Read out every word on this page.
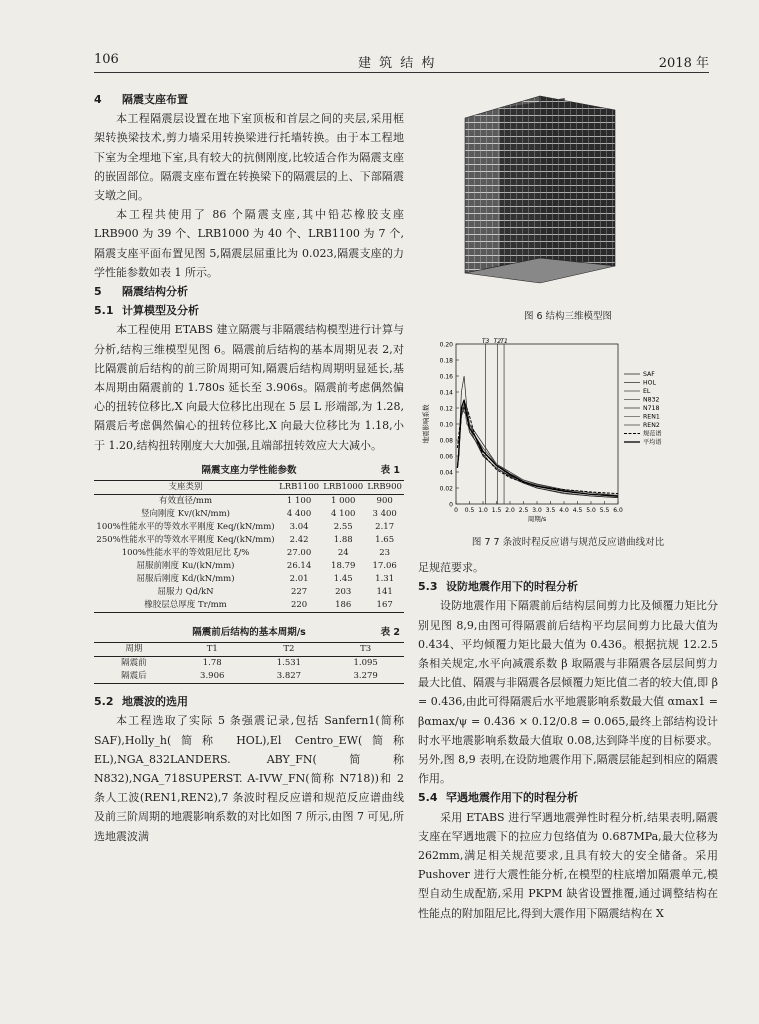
106	建 筑 结 构	2018 年
4 隔震支座布置

本工程隔震层设置在地下室顶板和首层之间的夹层,采用框架转换梁技术,剪力墙采用转换梁进行托墙转换。由于本工程地下室为全埋地下室,具有较大的抗侧刚度,比较适合作为隔震支座的嵌固部位。隔震支座布置在转换梁下的隔震层的上、下部隔震支墩之间。

本工程共使用了 86 个隔震支座,其中铅芯橡胶支座 LRB900 为 39 个、LRB1000 为 40 个、LRB1100 为 7 个,隔震支座平面布置见图 5,隔震层屈重比为 0.023,隔震支座的力学性能参数如表 1 所示。

5 隔震结构分析
5.1 计算模型及分析

本工程使用 ETABS 建立隔震与非隔震结构模型进行计算与分析,结构三维模型见图 6。隔震前后结构的基本周期见表 2,对比隔震前后结构的前三阶周期可知,隔震后结构周期明显延长,基本周期由隔震前的 1.780s 延长至 3.906s。隔震前考虑偶然偏心的扭转位移比,X 向最大位移比出现在 5 层 L 形端部,为 1.28,隔震后考虑偶然偏心的扭转位移比,X 向最大位移比为 1.18,小于 1.20,结构扭转刚度大大加强,且端部扭转效应大大减小。

隔震支座力学性能参数	表 1
支座类别	LRB1100	LRB1000	LRB900
有效直径/mm	1 100	1 000	900
竖向刚度 Kv/(kN/mm)	4 400	4 100	3 400
100%性能水平的等效水平刚度 Keq/(kN/mm)	3.04	2.55	2.17
250%性能水平的等效水平刚度 Keq/(kN/mm)	2.42	1.88	1.65
100%性能水平的等效阻尼比 ξ/%	27.00	24	23
屈服前刚度 Ku/(kN/mm)	26.14	18.79	17.06
屈服后刚度 Kd/(kN/mm)	2.01	1.45	1.31
屈服力 Qd/kN	227	203	141
橡胶层总厚度 Tr/mm	220	186	167
隔震前后结构的基本周期/s	表 2
周期	T1	T2	T3
隔震前	1.78	1.531	1.095
隔震后	3.906	3.827	3.279
5.2 地震波的选用

本工程选取了实际 5 条强震记录,包括 Sanfern1(简称 SAF),Holly_h(简称 HOL),El Centro_EW(简称 EL),NGA_832LANDERS. ABY_FN(简称 N832),NGA_718SUPERST. A-IVW_FN(简称 N718))和 2 条人工波(REN1,REN2),7 条波时程反应谱和规范反应谱曲线及前三阶周期的地震影响系数的对比如图 7 所示,由图 7 可见,所选地震波满

图 6 结构三维模型图
0
0.02
0.04
0.06
0.08
0.10
0.12
0.14
0.16
0.18
0.20
0 0.5 1.0 1.5 2.0 2.5 3.0 3.5 4.0 4.5 5.0 5.5 6.0
周期/s
地震影响系数
T3 T2 T1
SAF
HOL
EL
N832
N718
REN1
REN2
规范谱
平均谱
图 7 7 条波时程反应谱与规范反应谱曲线对比

足规范要求。

5.3 设防地震作用下的时程分析

设防地震作用下隔震前后结构层间剪力比及倾覆力矩比分别见图 8,9,由图可得隔震前后结构平均层间剪力比最大值为 0.434、平均倾覆力矩比最大值为 0.436。根据抗规 12.2.5 条相关规定,水平向减震系数 β 取隔震与非隔震各层层间剪力最大比值、隔震与非隔震各层倾覆力矩比值二者的较大值,即 β = 0.436,由此可得隔震后水平地震影响系数最大值 αmax1 = βαmax/ψ = 0.436 × 0.12/0.8 = 0.065,最终上部结构设计时水平地震影响系数最大值取 0.08,达到降半度的目标要求。另外,图 8,9 表明,在设防地震作用下,隔震层能起到相应的隔震作用。

5.4 罕遇地震作用下的时程分析

采用 ETABS 进行罕遇地震弹性时程分析,结果表明,隔震支座在罕遇地震下的拉应力包络值为 0.687MPa,最大位移为 262mm,满足相关规范要求,且具有较大的安全储备。采用 Pushover 进行大震性能分析,在模型的柱底增加隔震单元,模型自动生成配筋,采用 PKPM 缺省设置推覆,通过调整结构在性能点的附加阻尼比,得到大震作用下隔震结构在 X
